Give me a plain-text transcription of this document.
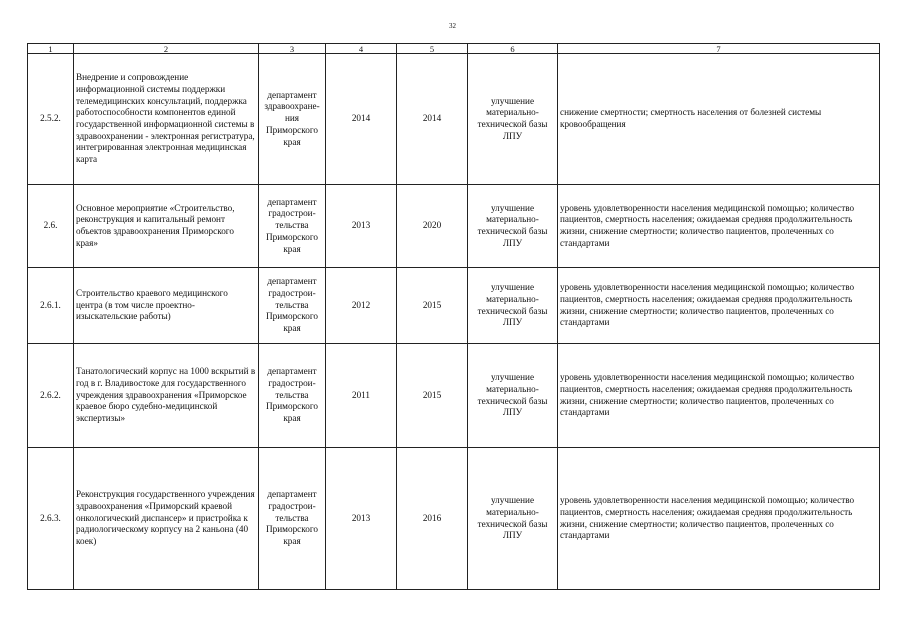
32
1	2	3	4	5	6	7
2.5.2.	Внедрение и сопровождение информационной системы поддержки телемедицинских консультаций, поддержка работоспособности компонентов единой государственной информационной системы в здравоохранении - электронная регистратура, интегрированная электронная медицинская карта	департамент здравоохране-ния Приморского края	2014	2014	улучшение материально-технической базы ЛПУ	снижение смертности; смертность населения от болезней системы кровообращения
2.6.	Основное мероприятие «Строительство, реконструкция и капитальный ремонт объектов здравоохранения Приморского края»	департамент градострои-тельства Приморского края	2013	2020	улучшение материально-технической базы ЛПУ	уровень удовлетворенности населения медицинской помощью; количество пациентов, смертность населения; ожидаемая средняя продолжительность жизни, снижение смертности; количество пациентов, пролеченных со стандартами
2.6.1.	Строительство краевого медицинского центра (в том числе проектно-изыскательские работы)	департамент градострои-тельства Приморского края	2012	2015	улучшение материально-технической базы ЛПУ	уровень удовлетворенности населения медицинской помощью; количество пациентов, смертность населения; ожидаемая средняя продолжительность жизни, снижение смертности; количество пациентов, пролеченных со стандартами
2.6.2.	Танатологический корпус на 1000 вскрытий в год в г. Владивостоке для государственного учреждения здравоохранения «Приморское краевое бюро судебно-медицинской экспертизы»	департамент градострои-тельства Приморского края	2011	2015	улучшение материально-технической базы ЛПУ	уровень удовлетворенности населения медицинской помощью; количество пациентов, смертность населения; ожидаемая средняя продолжительность жизни, снижение смертности; количество пациентов, пролеченных со стандартами
2.6.3.	Реконструкция государственного учреждения здравоохранения «Приморский краевой онкологический диспансер» и пристройка к радиологическому корпусу на 2 каньона (40 коек)	департамент градострои-тельства Приморского края	2013	2016	улучшение материально-технической базы ЛПУ	уровень удовлетворенности населения медицинской помощью; количество пациентов, смертность населения; ожидаемая средняя продолжительность жизни, снижение смертности; количество пациентов, пролеченных со стандартами
